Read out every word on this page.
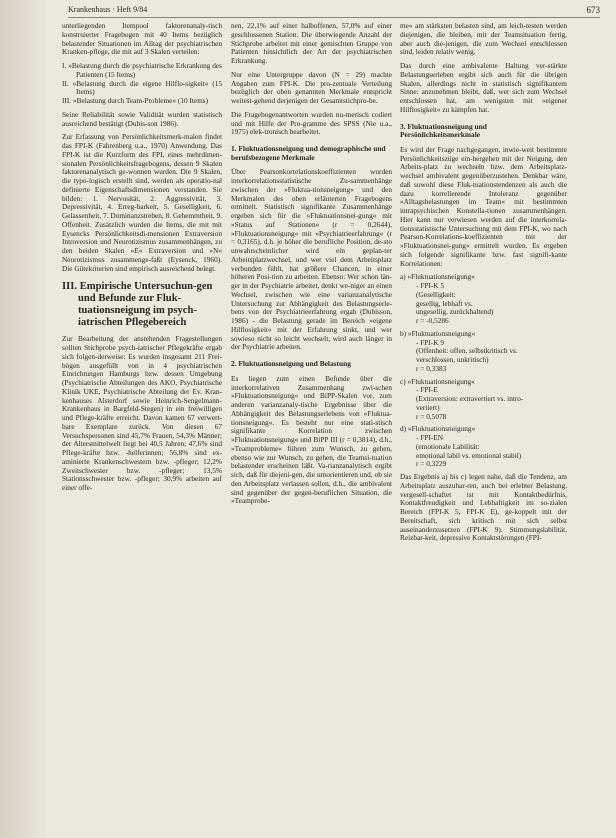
Krankenhaus · Heft 9/84	673

unterliegenden Itempool faktorenanaly-tisch konstruierter Fragebogen mit 40 Items bezüglich belastender Situationen im Alltag der psychiatrischen Kranken-pflege, die mit auf 3 Skalen verteilen:

I. »Belastung durch die psychiatrische Erkrankung des Patienten (15 Items)
II. »Belastung durch die eigene Hilflo-sigkeit« (15 Items)
III. »Belastung durch Team-Probleme« (10 Items)

Seine Reliabilität sowie Validität wurden statistisch ausreichend bestätigt (Dubis-son 1986).

Zur Erfassung von Persönlichkeitsmerk-malen findet das FPI-K (Fahrenberg u.a., 1970) Anwendung. Das FPI-K ist die Kurzform des FPI, eines mehrdimen-sionalen Persönlichkeitsfragebogens, dessen 9 Skalen faktorenanalytisch ge-wonnen wurden. Die 9 Skalen, die typo-logisch erstellt sind, werden als operatio-nal definierte Eigenschaftsdimensionen verstanden. Sie bilden: 1. Nervosität, 2. Aggressivität, 3. Depressivität, 4. Erreg-barkeit, 5. Geselligkeit, 6. Gelassenheit, 7. Dominanzstreben, 8. Gehemmtheit, 9. Offenheit. Zusätzlich wurden die Items, die mit mit Eysencks Persönlichkeitsdi-mensionen Extraversion Introversion und Neurotizismus zusammenhängen, zu den beiden Skalen »E« Extraversion und »N« Neurotizismus zusammenge-faßt (Eysenck, 1960). Die Gütekriterien sind empirisch ausreichend belegt.

III. Empirische Untersuchun-gen und Befunde zur Fluk-tuationsneigung im psych-iatrischen Pflegebereich

Zur Bearbeitung der anstehenden Fragestellungen sollten Stichprobe psych-iatrischer Pflegekräfte ergab sich folgen-derweise: Es wurden insgesamt 211 Frei-bögen ausgefüllt von in 4 psychiatrischen Einrichtungen Hamburgs bzw. dessen Umgebung (Psychiatrische Abteilungen des AKO, Psychiatrische Klinik UKE, Psychiatrische Abteilung der Ev. Kran-kenhauses Alsterdorf sowie Heinrich-Sengelmann-Krankenhaus in Bargfeld-Stegen) in ein freiwilligen und Pflege-kräfte erreicht. Davon kamen 67 verwert-bare Exemplare zurück. Von diesen 67 Versuchspersonen sind 45,7% Frauen, 54,3% Männer; der Altersmittelwelt liegt bei 40,5 Jahren; 47,6% sind Pflege-kräfte bzw. -helferinnen; 56,8% sind ex-aminierte Krankenschwestern bzw. -pfleger; 12,2% Zweitschwester bzw. -pfleger; 13,5% Stationsschwester bzw. -pfleger; 30,9% arbeiten auf einer offe-

nen, 22,1% auf einer halboffenen, 57,0% auf einer geschlossenen Station. Die überwiegende Anzahl der Stichprobe arbeitet mit einer gemischten Gruppe von Patienten hinsichtlich der Art der psychiatrischen Erkrankung.

Nur eine Untergruppe davon (N = 29) machte Angaben zum FPI-K. Die pro-zentuale Verteilung bezüglich der oben genannten Merkmale entspricht weitest-gehend derjenigen der Gesamtstichpro-be.

Die Fragebogenantworten wurden nu-merisch codiert und mit Hilfe der Pro-gramme des SPSS (Nie u.a., 1975) elek-tronisch bearbeitet.

1. Fluktuationsneigung und demographische und berufsbezogene Merkmale

Über Pearsonkorrelationskoeffizienten wurden interkorrelationsstatistische Zu-sammenhänge zwischen der »Fluktua-tionsneigung« und den Merkmalen des oben erläuterten Fragebogens ermittelt. Statistisch signifikante Zusammenhänge ergeben sich für die »Fluktuationsnei-gung« mit »Status auf Stationen« (r = 0,2644), »Fluktuationsneigung« mit »Psychiatrieerfahrung« (r = 0,3165), d.h. je höher die berufliche Position, de-sto unwahrscheinlicher wird ein geplan-ter Arbeitsplatzwechsel, und wer viel dem Arbeitsplatz verbunden fühlt, hat größere Chancen, in einer höheren Posi-tion zu arbeiten. Ebenso: Wer schon län-ger in der Psychiatrie arbeitet, denkt we-niger an einen Wechsel, zwischen wie eine varianzanalytische Untersuchung zur Abhängigkeit des Belastungserle-bens von der Psychiatrieerfahrung ergab (Dubisson, 1986) - die Belastung gerade im Bereich »eigene Hilflosigkeit« mit der Erfahrung sinkt, und wer sowieso nicht so leicht wechselt, wird auch länger in der Psychiatrie arbeiten.

2. Fluktuationsneigung und Belastung

Es liegen zum einen Befunde über die interkorrelativen Zusammenhang zwi-schen »Fluktuationsneigung« und BiPP-Skalen vor, zum anderen varianzanaly-tische Ergebnisse über die Abhängigkeit des Belastungserlebens von »Fluktua-tionsneigung«. Es besteht nur eine stati-stisch signifikante Korrelation zwischen »Fluktuationsneigung« und BiPP III (r = 0,3814), d.h., »Teamprobleme« führen zum Wunsch, zu gehen, ebenso wie zur Wunsch, zu gehen, die Teamsi-tuation belastender erscheinen läßt. Va-rianzanalytisch ergibt sich, daß für diejeni-gen, die umorientieren und, ob sie den Arbeitsplatz verlassen sollen, d.h., die ambivalent sind gegenüber der gegen-beruflichen Situation, die »Teamprobe-

me« am stärksten belasten sind, am leich-testen werden diejenigen, die bleiben, mit der Teamsituation fertig, aber auch die-jenigen, die zum Wechsel entschlossen sind, leiden relativ wenig.

Das durch eine ambivalente Haltung ver-stärkte Belastungserleben ergibt sich auch für die übrigen Skalen, allerdings nicht in statistisch signifikantem Sinne: anzunehmen bleibt, daß, wer sich zum Wechsel entschlossen hat, am wenigsten mit »eigener Hilflosigkeit« zu kämpfen hat.

3. Fluktuationsneigung und Persönlichkeitsmerkmale

Es wird der Frage nachgegangen, inwie-weit bestimmte Persönlichkeitszüge ein-hergehen mit der Neigung, den Arbeits-platz zu wechseln bzw. dem Arbeitsplatz-wechsel ambivalent gegenüberzustehen. Denkbar wäre, daß sowohl diese Fluk-tuationstendenzen als auch die dazu korrelierende Intoleranz gegenüber »Alltagsbelastungen im Team« mit bestimmten intrapsychischen Konstella-tionen zusammenhängen. Hier kann nur verwiesen werden auf die interkorrela-tionsstatistische Untersuchung mit dem FPI-K, wo nach Pearson-Korrelations-koeffizienten mit der »Fluktuationsnei-gung« ermittelt wurden. Es ergeben sich folgende signifikante bzw. fast signifi-kante Korrelationen:

a) »Fluktuationsneigung«
- FPI-K 5
(Geselligkeit:
gesellig, lebhaft vs.
ungesellig, zurückhaltend)
r = -0,5286
b) »Fluktuationsneigung«
- FPI-K 9
(Offenheit: offen, selbstkritisch vs.
verschlossen, unkritisch)
r = 0,3383
c) »Fluktuationsneigung«
- FPI-E
(Extraversion: extravertiert vs. intro-
vertiert)
r = 0,5078
d) »Fluktuationsneigung«
- FPI-EN
(emotionale Labilität:
emotional labil vs. emotional stabil)
r = 0,3229

Das Ergebnis a) bis c) legen nahe, daß die Tendenz, am Arbeitsplatz auszuhar-ren, auch bei erlebter Belastung, vergesell-schaftet ist mit Kontaktbedürfnis, Kontaktfreudigkeit und Lebhaftigkeit im so-zialen Bereich (FPI-K 5, FPI-K E), ge-koppelt mit der Bereitschaft, sich kritisch mit sich selbst auseinanderzusetzen (FPI-K 9). Stimmungslabilität, Reizbar-keit, depressive Kontaktstörungen (FPI-
